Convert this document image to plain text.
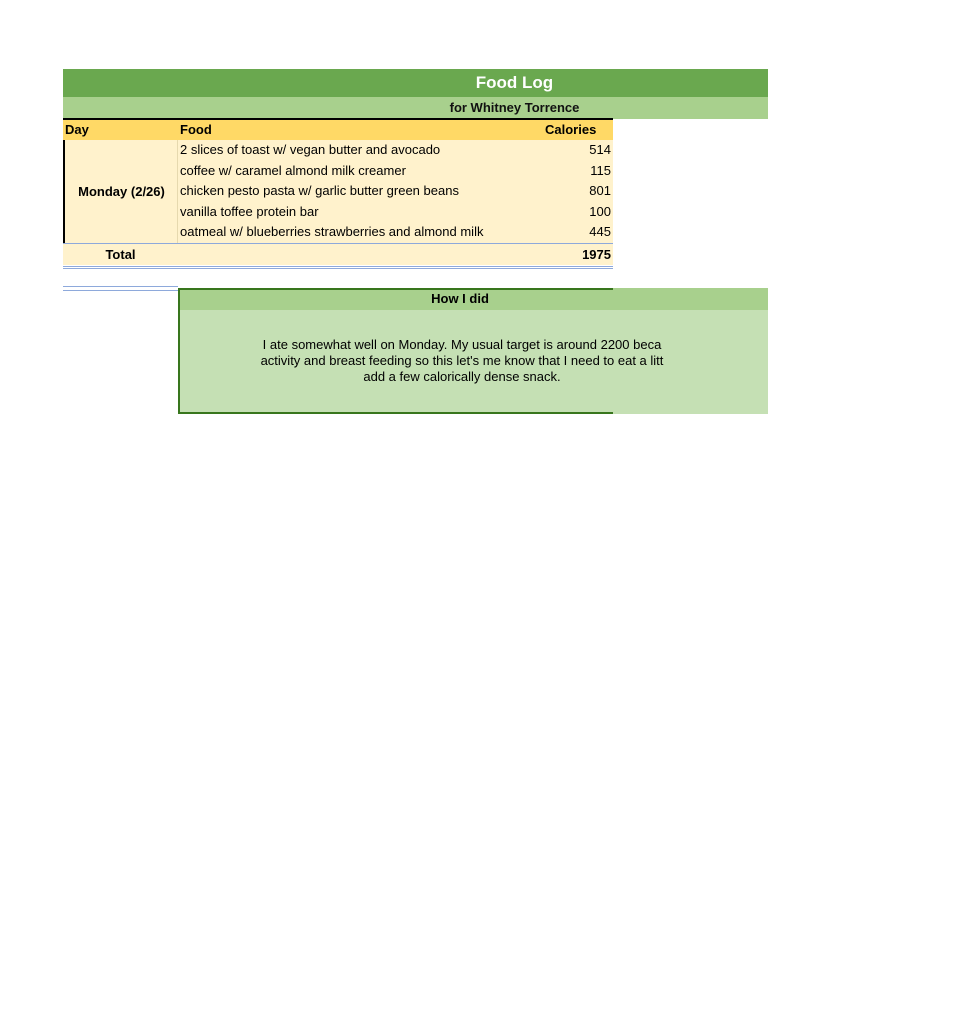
Food Log
for Whitney Torrence
Day	Food	Calories
Monday (2/26)
2 slices of toast w/ vegan butter and avocado	514
coffee w/ caramel almond milk creamer	115
chicken pesto pasta w/ garlic butter green beans	801
vanilla toffee protein bar	100
oatmeal w/ blueberries strawberries and almond milk	445
Total	1975
How I did
I ate somewhat well on Monday. My usual target is around 2200 beca
activity and breast feeding so this let's me know that I need to eat a litt
add a few calorically dense snack.
